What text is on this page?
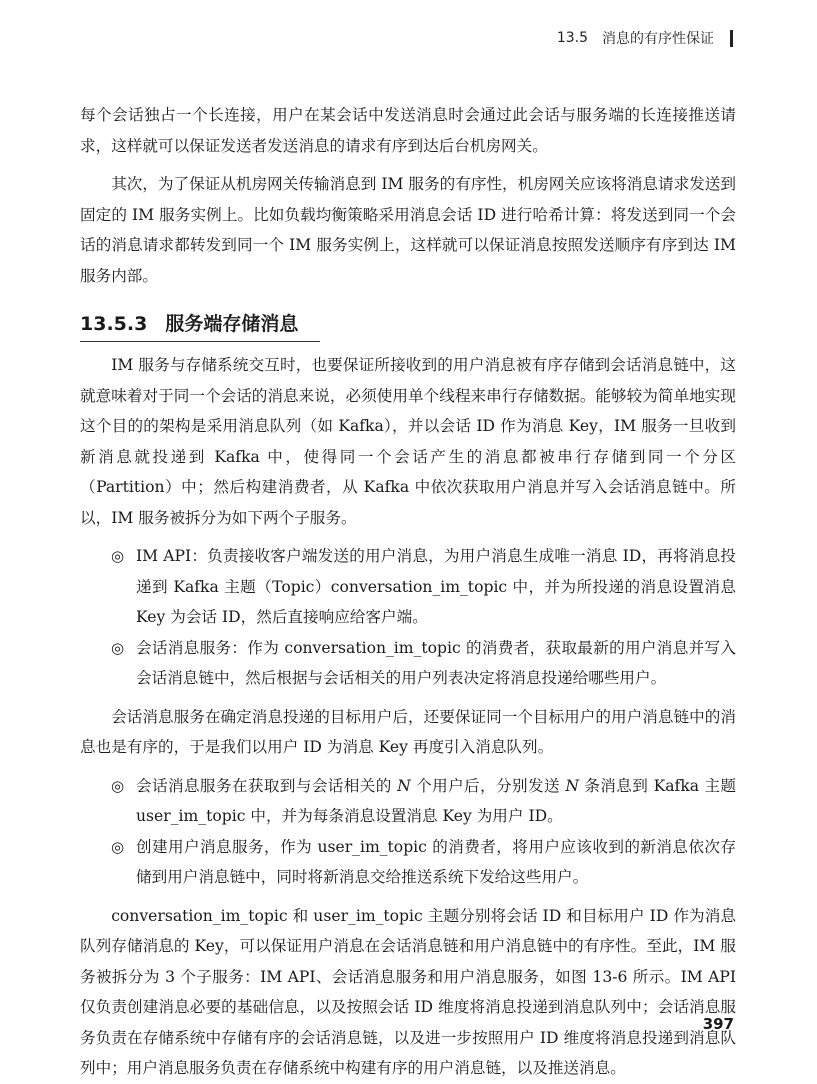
13.5 消息的有序性保证

每个会话独占一个长连接，用户在某会话中发送消息时会通过此会话与服务端的长连接推送请求，这样就可以保证发送者发送消息的请求有序到达后台机房网关。

其次，为了保证从机房网关传输消息到 IM 服务的有序性，机房网关应该将消息请求发送到固定的 IM 服务实例上。比如负载均衡策略采用消息会话 ID 进行哈希计算：将发送到同一个会话的消息请求都转发到同一个 IM 服务实例上，这样就可以保证消息按照发送顺序有序到达 IM 服务内部。

13.5.3 服务端存储消息

IM 服务与存储系统交互时，也要保证所接收到的用户消息被有序存储到会话消息链中，这就意味着对于同一个会话的消息来说，必须使用单个线程来串行存储数据。能够较为简单地实现这个目的的架构是采用消息队列（如 Kafka），并以会话 ID 作为消息 Key，IM 服务一旦收到新消息就投递到 Kafka 中，使得同一个会话产生的消息都被串行存储到同一个分区（Partition）中；然后构建消费者，从 Kafka 中依次获取用户消息并写入会话消息链中。所以，IM 服务被拆分为如下两个子服务。

◎ IM API：负责接收客户端发送的用户消息，为用户消息生成唯一消息 ID，再将消息投递到 Kafka 主题（Topic）conversation_im_topic 中，并为所投递的消息设置消息 Key 为会话 ID，然后直接响应给客户端。
◎ 会话消息服务：作为 conversation_im_topic 的消费者，获取最新的用户消息并写入会话消息链中，然后根据与会话相关的用户列表决定将消息投递给哪些用户。

会话消息服务在确定消息投递的目标用户后，还要保证同一个目标用户的用户消息链中的消息也是有序的，于是我们以用户 ID 为消息 Key 再度引入消息队列。

◎ 会话消息服务在获取到与会话相关的 N 个用户后，分别发送 N 条消息到 Kafka 主题 user_im_topic 中，并为每条消息设置消息 Key 为用户 ID。
◎ 创建用户消息服务，作为 user_im_topic 的消费者，将用户应该收到的新消息依次存储到用户消息链中，同时将新消息交给推送系统下发给这些用户。

conversation_im_topic 和 user_im_topic 主题分别将会话 ID 和目标用户 ID 作为消息队列存储消息的 Key，可以保证用户消息在会话消息链和用户消息链中的有序性。至此，IM 服务被拆分为 3 个子服务：IM API、会话消息服务和用户消息服务，如图 13-6 所示。IM API 仅负责创建消息必要的基础信息，以及按照会话 ID 维度将消息投递到消息队列中；会话消息服务负责在存储系统中存储有序的会话消息链，以及进一步按照用户 ID 维度将消息投递到消息队列中；用户消息服务负责在存储系统中构建有序的用户消息链，以及推送消息。

397
